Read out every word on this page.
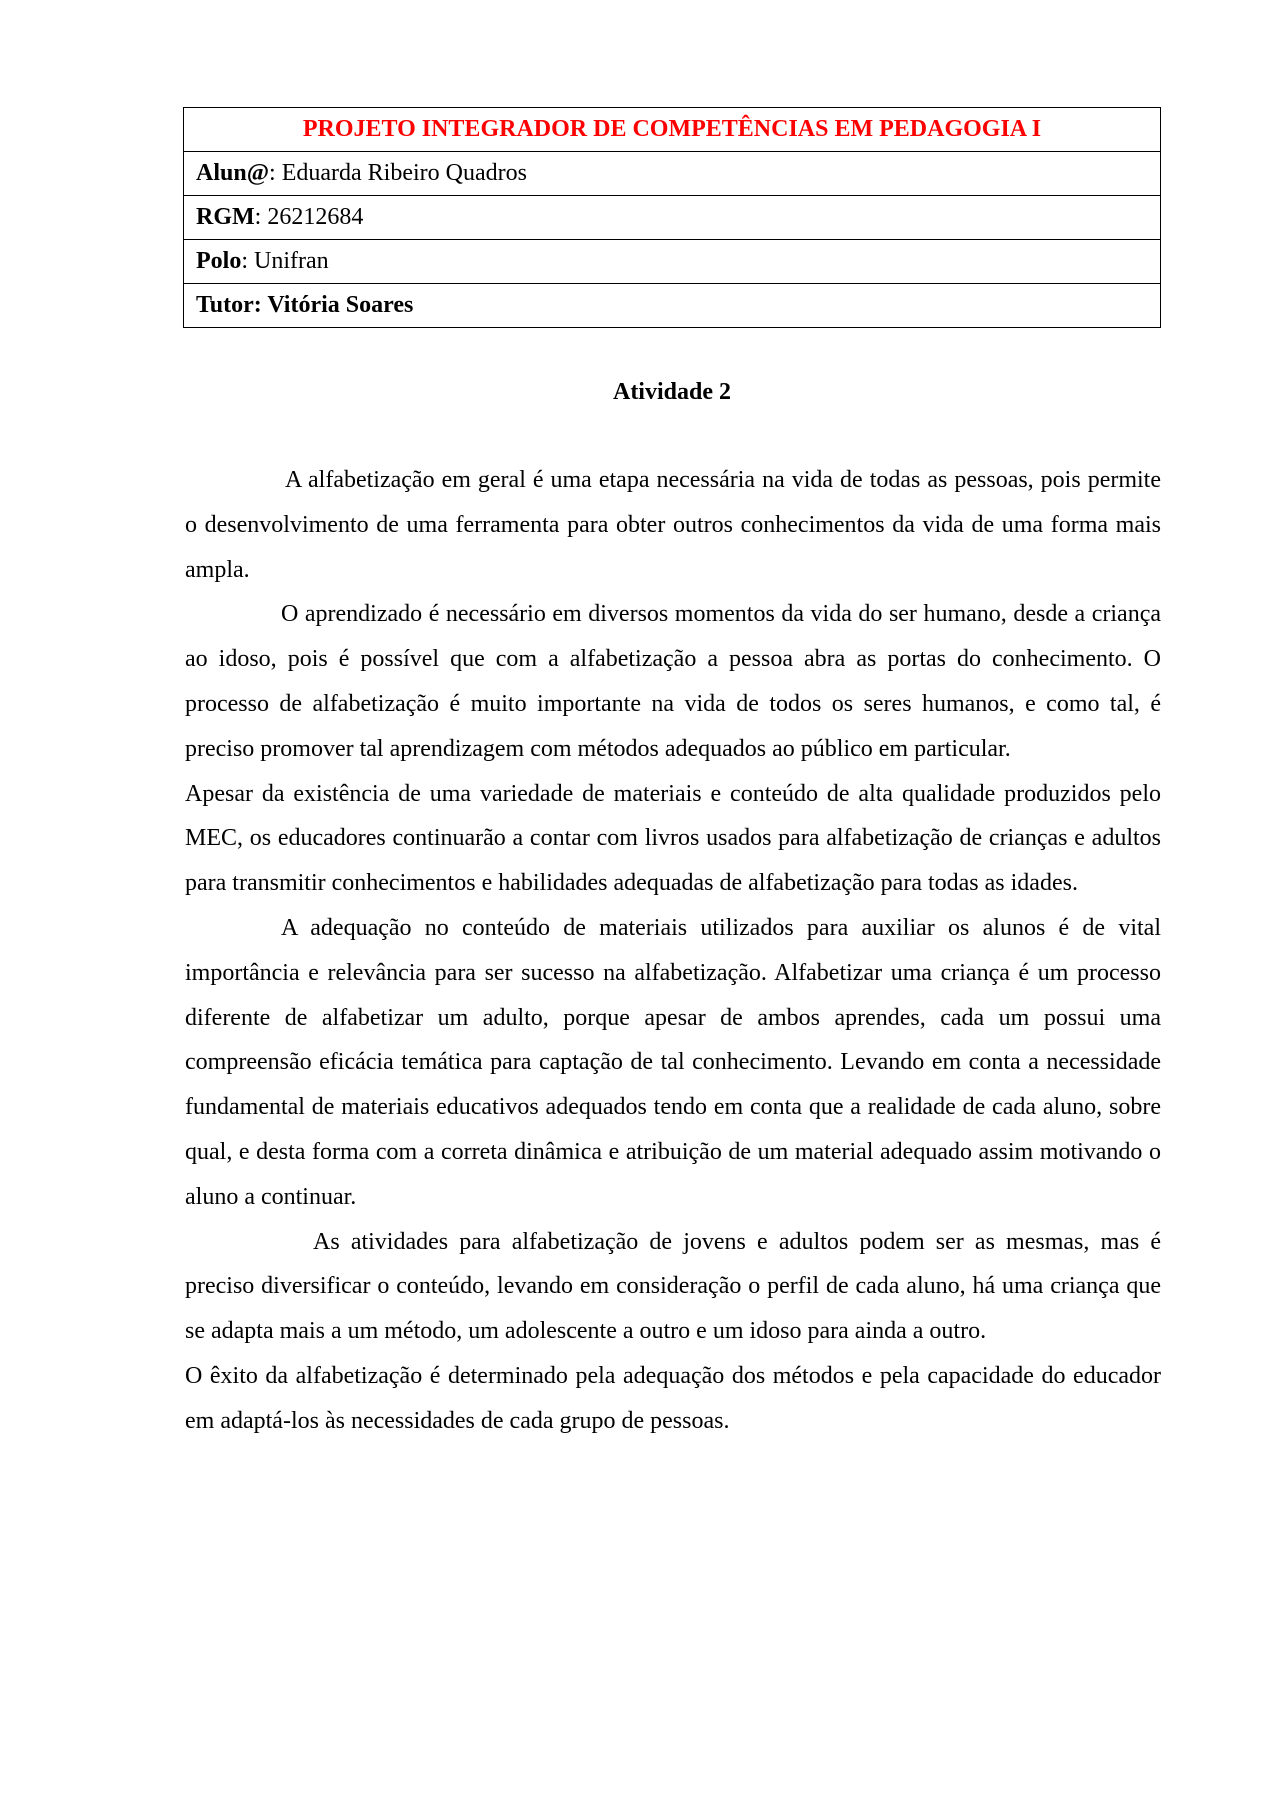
PROJETO INTEGRADOR DE COMPETÊNCIAS EM PEDAGOGIA I
Alun@: Eduarda Ribeiro Quadros
RGM: 26212684
Polo: Unifran
Tutor: Vitória Soares
Atividade 2

A alfabetização em geral é uma etapa necessária na vida de todas as pessoas, pois permite o desenvolvimento de uma ferramenta para obter outros conhecimentos da vida de uma forma mais ampla.

O aprendizado é necessário em diversos momentos da vida do ser humano, desde a criança ao idoso, pois é possível que com a alfabetização a pessoa abra as portas do conhecimento. O processo de alfabetização é muito importante na vida de todos os seres humanos, e como tal, é preciso promover tal aprendizagem com métodos adequados ao público em particular.

Apesar da existência de uma variedade de materiais e conteúdo de alta qualidade produzidos pelo MEC, os educadores continuarão a contar com livros usados para alfabetização de crianças e adultos para transmitir conhecimentos e habilidades adequadas de alfabetização para todas as idades.

A adequação no conteúdo de materiais utilizados para auxiliar os alunos é de vital importância e relevância para ser sucesso na alfabetização. Alfabetizar uma criança é um processo diferente de alfabetizar um adulto, porque apesar de ambos aprendes, cada um possui uma compreensão eficácia temática para captação de tal conhecimento. Levando em conta a necessidade fundamental de materiais educativos adequados tendo em conta que a realidade de cada aluno, sobre qual, e desta forma com a correta dinâmica e atribuição de um material adequado assim motivando o aluno a continuar.

As atividades para alfabetização de jovens e adultos podem ser as mesmas, mas é preciso diversificar o conteúdo, levando em consideração o perfil de cada aluno, há uma criança que se adapta mais a um método, um adolescente a outro e um idoso para ainda a outro.

O êxito da alfabetização é determinado pela adequação dos métodos e pela capacidade do educador em adaptá-los às necessidades de cada grupo de pessoas.
